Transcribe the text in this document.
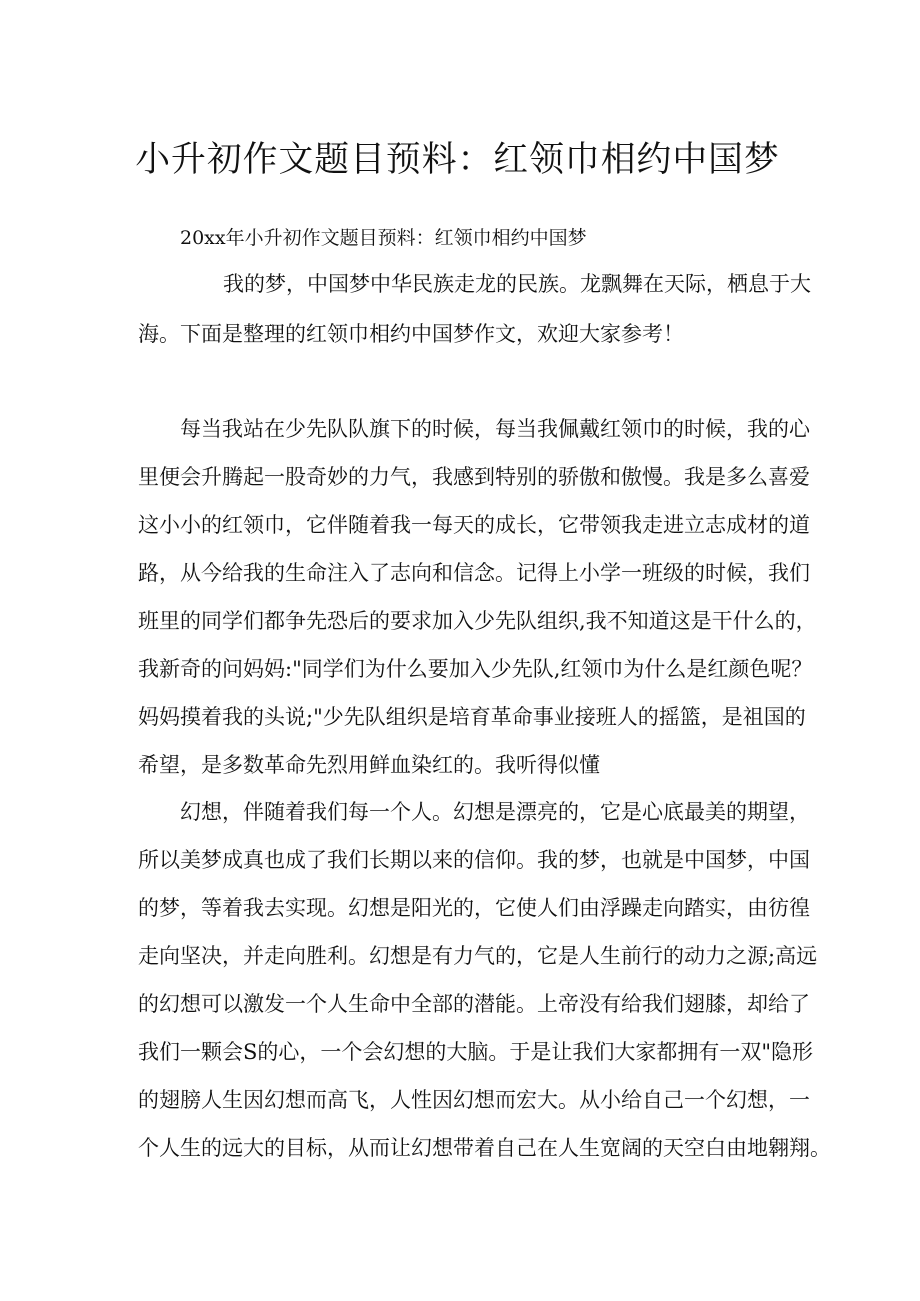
小升初作文题目预料：红领巾相约中国梦

20xx年小升初作文题目预料：红领巾相约中国梦

我的梦，中国梦中华民族走龙的民族。龙飘舞在天际，栖息于大

海。下面是整理的红领巾相约中国梦作文，欢迎大家参考！

每当我站在少先队队旗下的时候，每当我佩戴红领巾的时候，我的心

里便会升腾起一股奇妙的力气，我感到特别的骄傲和傲慢。我是多么喜爱

这小小的红领巾，它伴随着我一每天的成长，它带领我走进立志成材的道

路，从今给我的生命注入了志向和信念。记得上小学一班级的时候，我们

班里的同学们都争先恐后的要求加入少先队组织,我不知道这是干什么的，

我新奇的问妈妈:"同学们为什么要加入少先队,红领巾为什么是红颜色呢？

妈妈摸着我的头说;"少先队组织是培育革命事业接班人的摇篮，是祖国的

希望，是多数革命先烈用鲜血染红的。我听得似懂

幻想，伴随着我们每一个人。幻想是漂亮的，它是心底最美的期望，

所以美梦成真也成了我们长期以来的信仰。我的梦，也就是中国梦，中国

的梦，等着我去实现。幻想是阳光的，它使人们由浮躁走向踏实，由彷徨

走向坚决，并走向胜利。幻想是有力气的，它是人生前行的动力之源;高远

的幻想可以激发一个人生命中全部的潜能。上帝没有给我们翅膝，却给了

我们一颗会S的心，一个会幻想的大脑。于是让我们大家都拥有一双"隐形

的翅膀人生因幻想而高飞，人性因幻想而宏大。从小给自己一个幻想，一

个人生的远大的目标，从而让幻想带着自己在人生宽阔的天空白由地翱翔。
